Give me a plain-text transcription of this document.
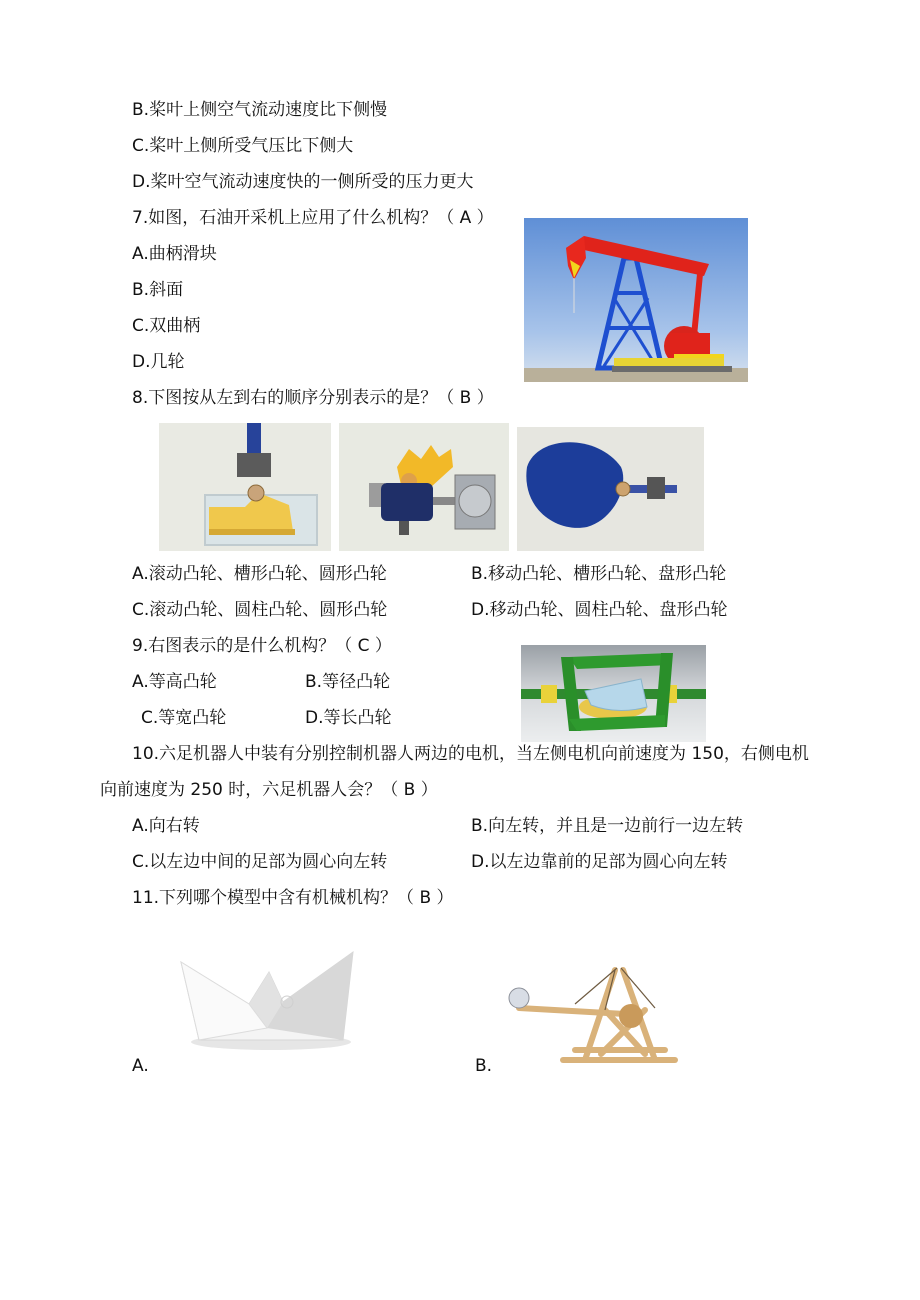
B.桨叶上侧空气流动速度比下侧慢
C.桨叶上侧所受气压比下侧大
D.桨叶空气流动速度快的一侧所受的压力更大
7.如图，石油开采机上应用了什么机构？（ A ）
A.曲柄滑块
B.斜面
C.双曲柄
D.几轮
8.下图按从左到右的顺序分别表示的是？（ B ）
A.滚动凸轮、槽形凸轮、圆形凸轮	B.移动凸轮、槽形凸轮、盘形凸轮
C.滚动凸轮、圆柱凸轮、圆形凸轮	D.移动凸轮、圆柱凸轮、盘形凸轮
9.右图表示的是什么机构？（ C ）
A.等高凸轮	B.等径凸轮
C.等宽凸轮	D.等长凸轮
10.六足机器人中装有分别控制机器人两边的电机，当左侧电机向前速度为 150，右侧电机
向前速度为 250 时，六足机器人会？（ B ）
A.向右转	B.向左转，并且是一边前行一边左转
C.以左边中间的足部为圆心向左转	D.以左边靠前的足部为圆心向左转
11.下列哪个模型中含有机械机构？（ B ）
A.	B.
